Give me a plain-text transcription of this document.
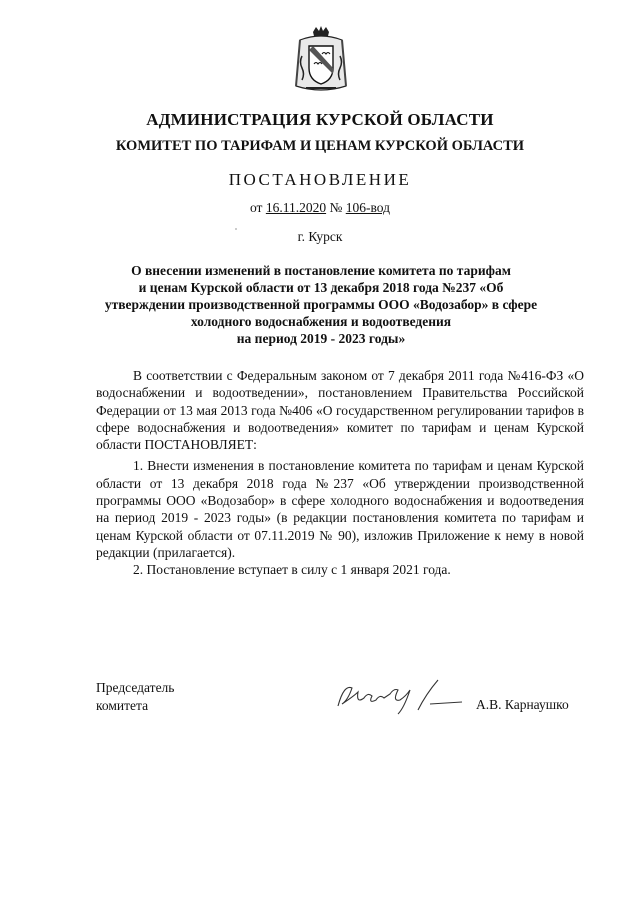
АДМИНИСТРАЦИЯ КУРСКОЙ ОБЛАСТИ
КОМИТЕТ ПО ТАРИФАМ И ЦЕНАМ КУРСКОЙ ОБЛАСТИ
ПОСТАНОВЛЕНИЕ
от 16.11.2020 № 106-вод
г. Курск
О внесении изменений в постановление комитета по тарифам
и ценам Курской области от 13 декабря 2018 года №237 «Об
утверждении производственной программы ООО «Водозабор» в сфере
холодного водоснабжения и водоотведения
на период 2019 - 2023 годы»

В соответствии с Федеральным законом от 7 декабря 2011 года №416-ФЗ «О водоснабжении и водоотведении», постановлением Правительства Российской Федерации от 13 мая 2013 года №406 «О государственном регулировании тарифов в сфере водоснабжения и водоотведения» комитет по тарифам и ценам Курской области ПОСТАНОВЛЯЕТ:

1. Внести изменения в постановление комитета по тарифам и ценам Курской области от 13 декабря 2018 года №237 «Об утверждении производственной программы ООО «Водозабор» в сфере холодного водоснабжения и водоотведения на период 2019 - 2023 годы» (в редакции постановления комитета по тарифам и ценам Курской области от 07.11.2019 № 90), изложив Приложение к нему в новой редакции (прилагается).

2. Постановление вступает в силу с 1 января 2021 года.

Председатель
комитета	А.В. Карнаушко
